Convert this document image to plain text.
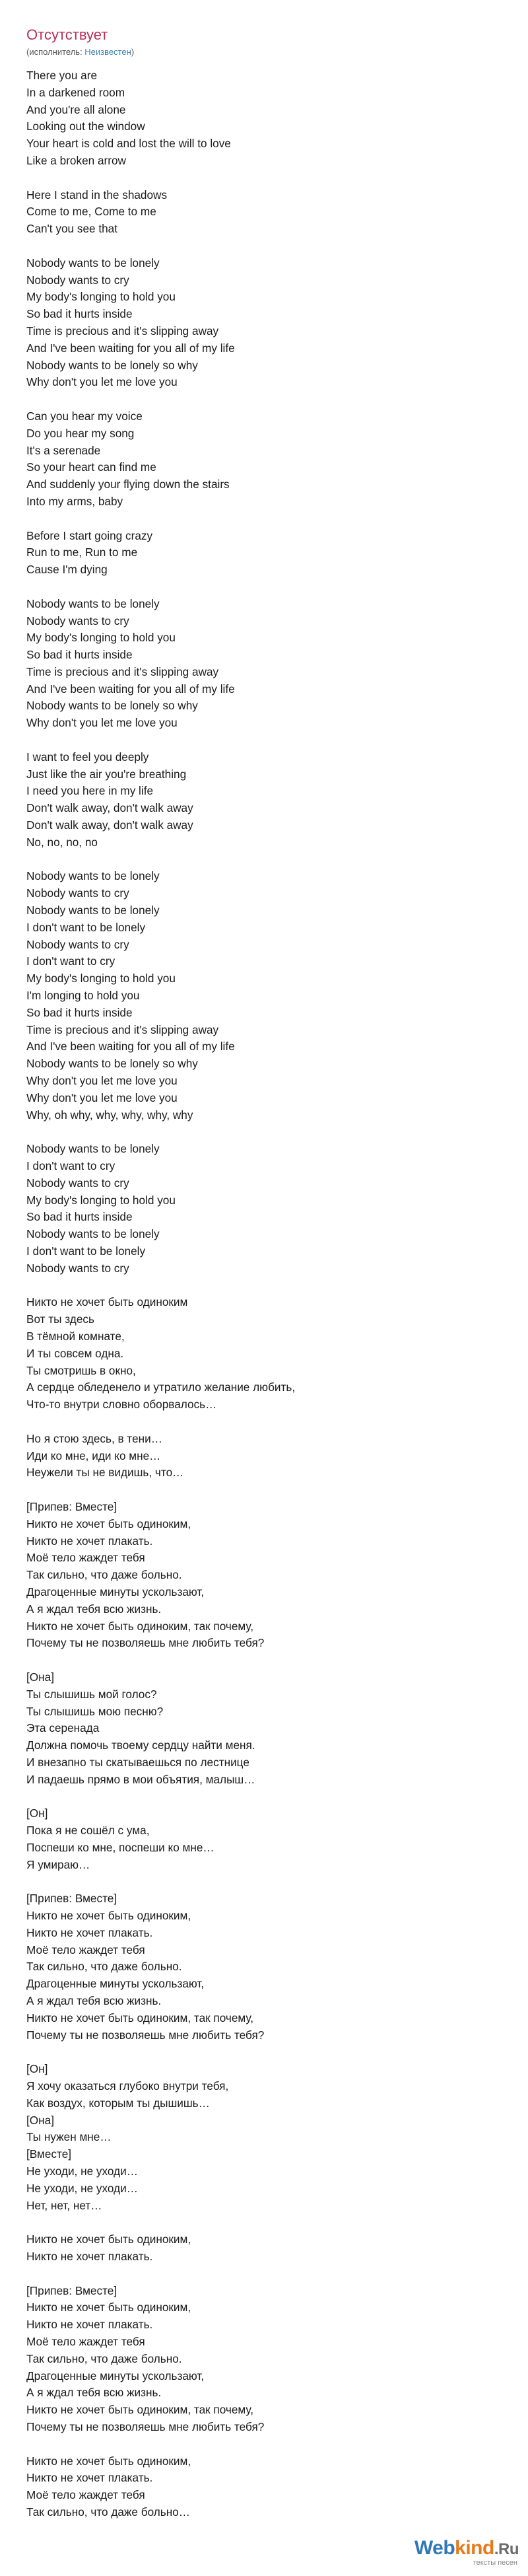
Отсутствует
(исполнитель: Неизвестен)
There you are
In a darkened room
And you're all alone
Looking out the window
Your heart is cold and lost the will to love
Like a broken arrow
Here I stand in the shadows
Come to me, Come to me
Can't you see that
Nobody wants to be lonely
Nobody wants to cry
My body's longing to hold you
So bad it hurts inside
Time is precious and it's slipping away
And I've been waiting for you all of my life
Nobody wants to be lonely so why
Why don't you let me love you
Can you hear my voice
Do you hear my song
It's a serenade
So your heart can find me
And suddenly your flying down the stairs
Into my arms, baby
Before I start going crazy
Run to me, Run to me
Cause I'm dying
Nobody wants to be lonely
Nobody wants to cry
My body's longing to hold you
So bad it hurts inside
Time is precious and it's slipping away
And I've been waiting for you all of my life
Nobody wants to be lonely so why
Why don't you let me love you
I want to feel you deeply
Just like the air you're breathing
I need you here in my life
Don't walk away, don't walk away
Don't walk away, don't walk away
No, no, no, no
Nobody wants to be lonely
Nobody wants to cry
Nobody wants to be lonely
I don't want to be lonely
Nobody wants to cry
I don't want to cry
My body's longing to hold you
I'm longing to hold you
So bad it hurts inside
Time is precious and it's slipping away
And I've been waiting for you all of my life
Nobody wants to be lonely so why
Why don't you let me love you
Why don't you let me love you
Why, oh why, why, why, why, why
Nobody wants to be lonely
I don't want to cry
Nobody wants to cry
My body's longing to hold you
So bad it hurts inside
Nobody wants to be lonely
I don't want to be lonely
Nobody wants to cry
Никто не хочет быть одиноким
Вот ты здесь
В тёмной комнате,
И ты совсем одна.
Ты смотришь в окно,
А сердце обледенело и утратило желание любить,
Что-то внутри словно оборвалось…
Но я стою здесь, в тени…
Иди ко мне, иди ко мне…
Неужели ты не видишь, что…
[Припев: Вместе]
Никто не хочет быть одиноким,
Никто не хочет плакать.
Моё тело жаждет тебя
Так сильно, что даже больно.
Драгоценные минуты ускользают,
А я ждал тебя всю жизнь.
Никто не хочет быть одиноким, так почему,
Почему ты не позволяешь мне любить тебя?
[Она]
Ты слышишь мой голос?
Ты слышишь мою песню?
Эта серенада
Должна помочь твоему сердцу найти меня.
И внезапно ты скатываешься по лестнице
И падаешь прямо в мои объятия, малыш…
[Он]
Пока я не сошёл с ума,
Поспеши ко мне, поспеши ко мне…
Я умираю…
[Припев: Вместе]
Никто не хочет быть одиноким,
Никто не хочет плакать.
Моё тело жаждет тебя
Так сильно, что даже больно.
Драгоценные минуты ускользают,
А я ждал тебя всю жизнь.
Никто не хочет быть одиноким, так почему,
Почему ты не позволяешь мне любить тебя?
[Он]
Я хочу оказаться глубоко внутри тебя,
Как воздух, которым ты дышишь…
[Она]
Ты нужен мне…
[Вместе]
Не уходи, не уходи…
Не уходи, не уходи…
Нет, нет, нет…
Никто не хочет быть одиноким,
Никто не хочет плакать.
[Припев: Вместе]
Никто не хочет быть одиноким,
Никто не хочет плакать.
Моё тело жаждет тебя
Так сильно, что даже больно.
Драгоценные минуты ускользают,
А я ждал тебя всю жизнь.
Никто не хочет быть одиноким, так почему,
Почему ты не позволяешь мне любить тебя?
Никто не хочет быть одиноким,
Никто не хочет плакать.
Моё тело жаждет тебя
Так сильно, что даже больно…
Webkind.Ru
тексты песен
